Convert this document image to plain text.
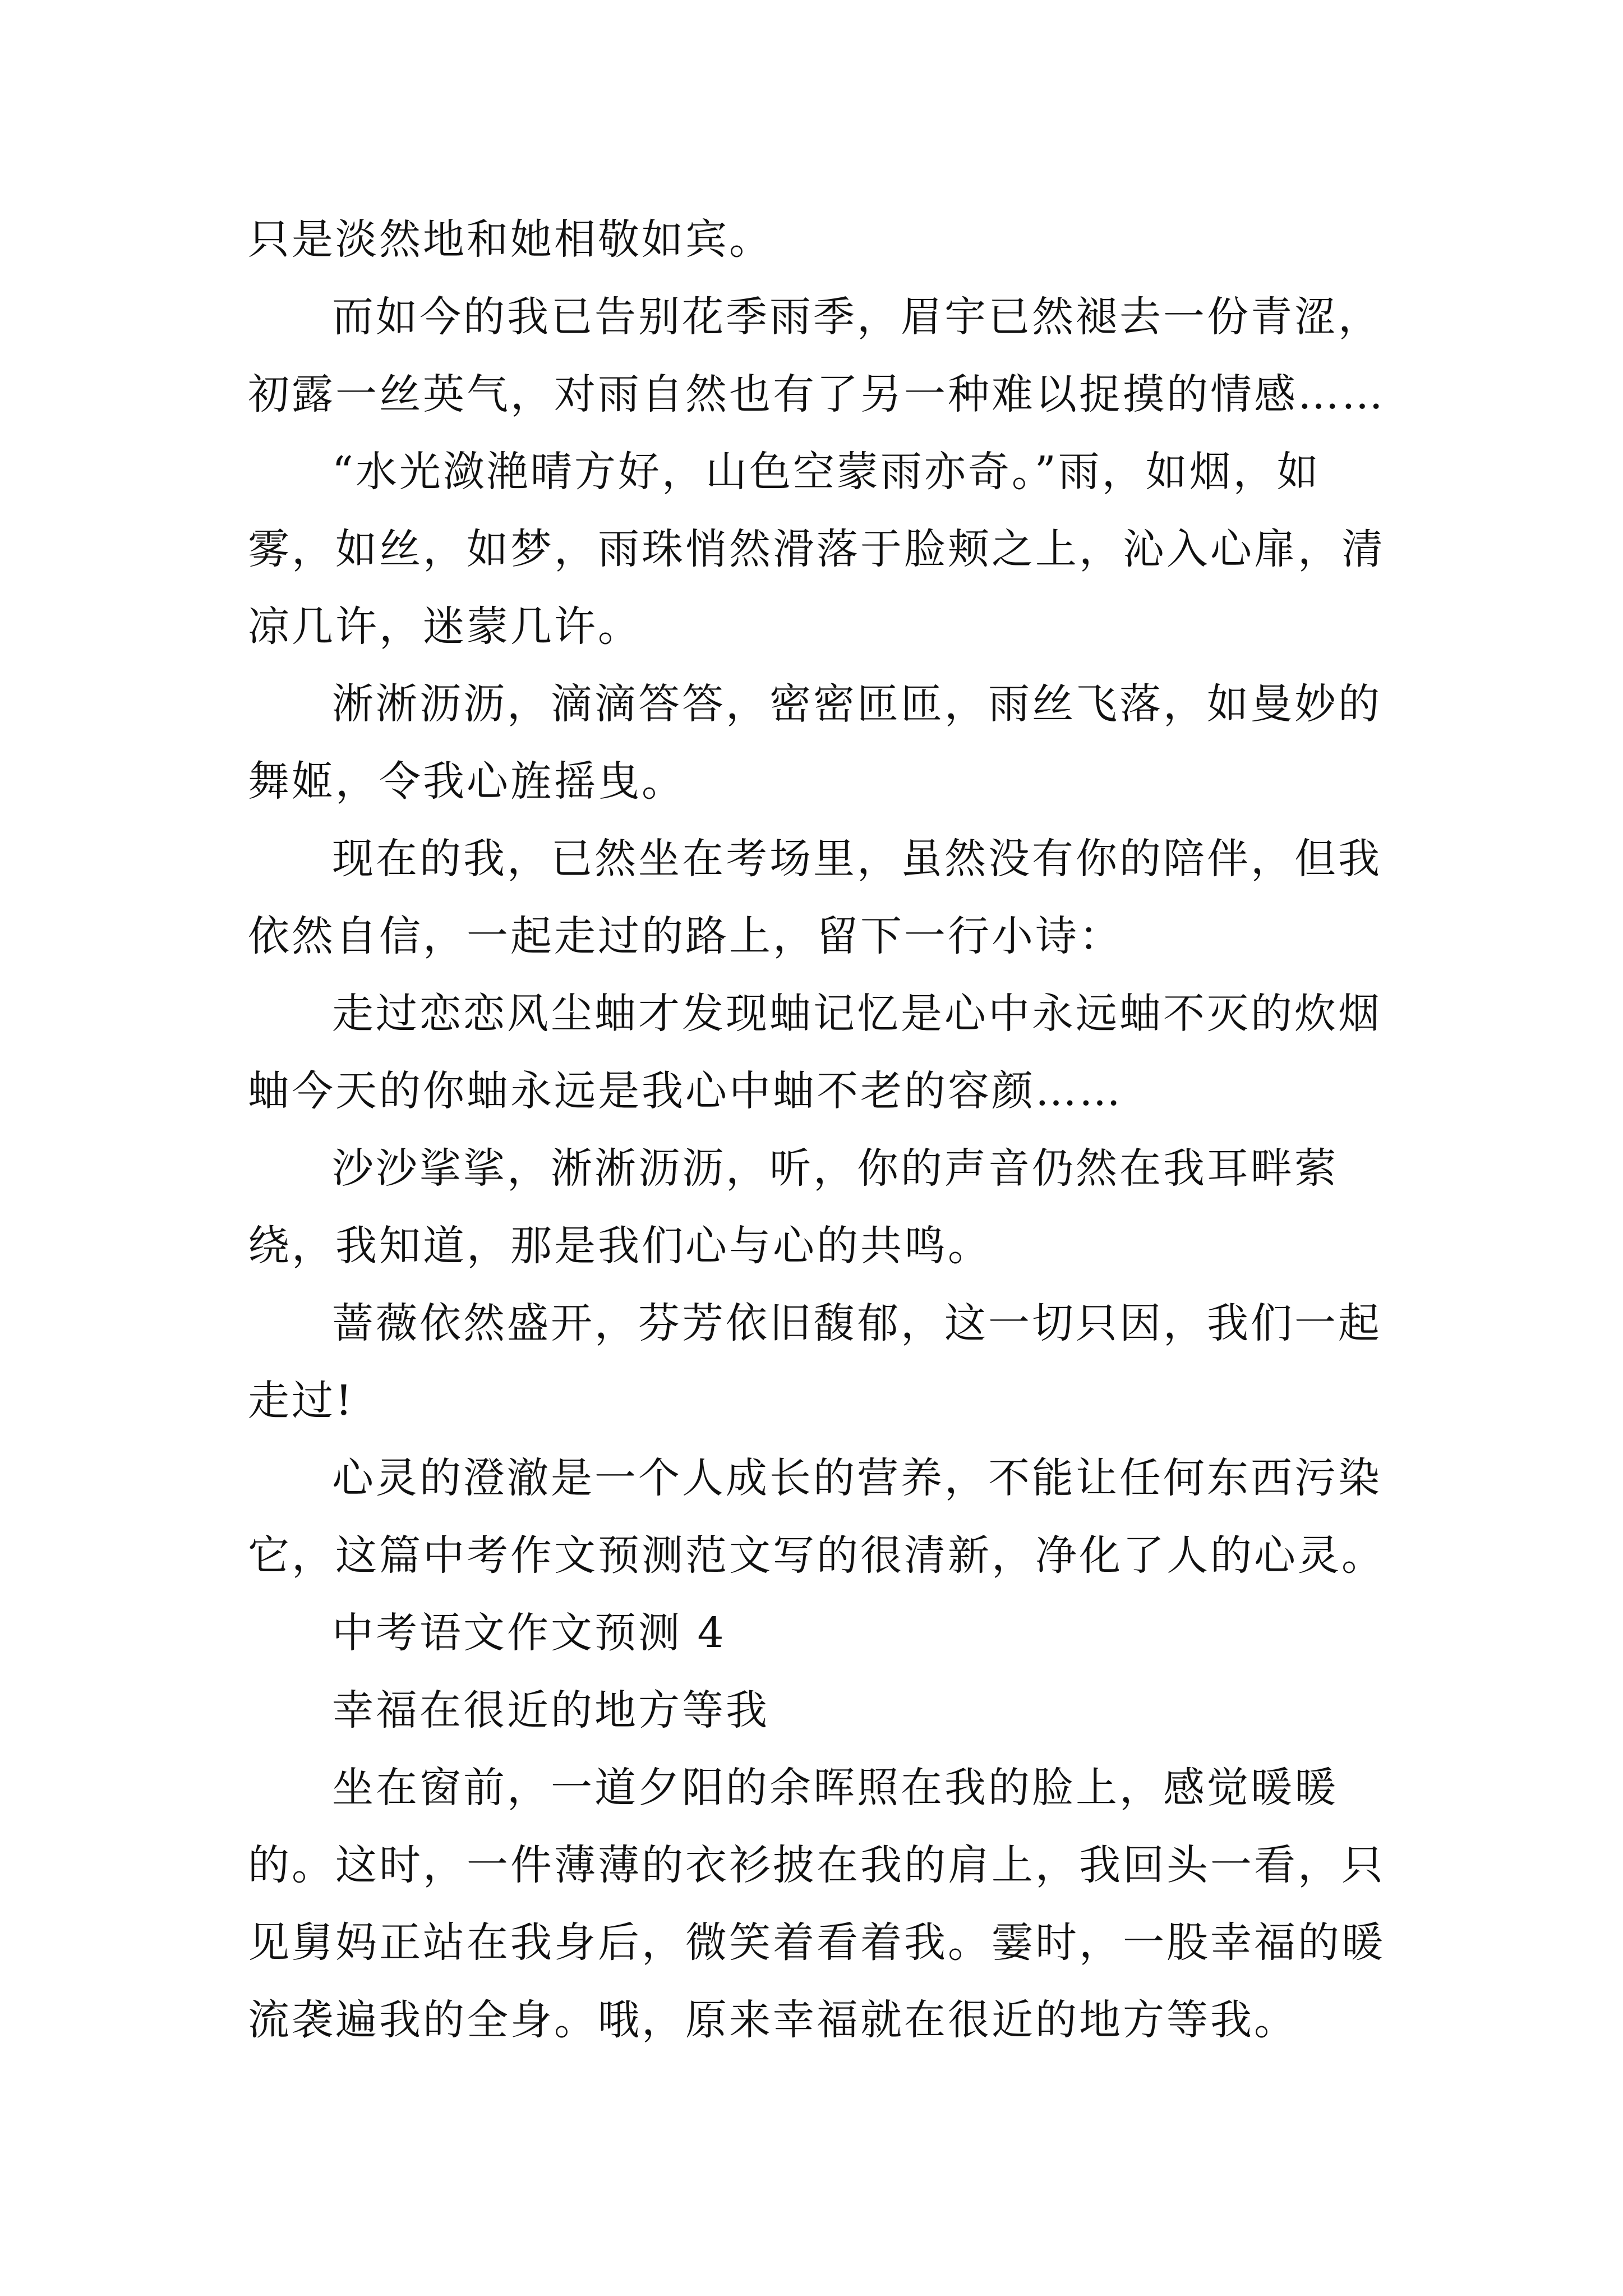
只是淡然地和她相敬如宾。

而如今的我已告别花季雨季，眉宇已然褪去一份青涩，初露一丝英气，对雨自然也有了另一种难以捉摸的情感……

“水光潋滟晴方好，山色空蒙雨亦奇。”雨，如烟，如雾，如丝，如梦，雨珠悄然滑落于脸颊之上，沁入心扉，清凉几许，迷蒙几许。

淅淅沥沥，滴滴答答，密密匝匝，雨丝飞落，如曼妙的舞姬，令我心旌摇曳。

现在的我，已然坐在考场里，虽然没有你的陪伴，但我依然自信，一起走过的路上，留下一行小诗：

走过恋恋风尘蚰才发现蚰记忆是心中永远蚰不灭的炊烟蚰今天的你蚰永远是我心中蚰不老的容颜……

沙沙挲挲，淅淅沥沥，听，你的声音仍然在我耳畔萦绕，我知道，那是我们心与心的共鸣。

蔷薇依然盛开，芬芳依旧馥郁，这一切只因，我们一起走过!

心灵的澄澈是一个人成长的营养，不能让任何东西污染它，这篇中考作文预测范文写的很清新，净化了人的心灵。

中考语文作文预测 4

幸福在很近的地方等我

坐在窗前，一道夕阳的余晖照在我的脸上，感觉暖暖的。这时，一件薄薄的衣衫披在我的肩上，我回头一看，只见舅妈正站在我身后，微笑着看着我。霎时，一股幸福的暖流袭遍我的全身。哦，原来幸福就在很近的地方等我。
